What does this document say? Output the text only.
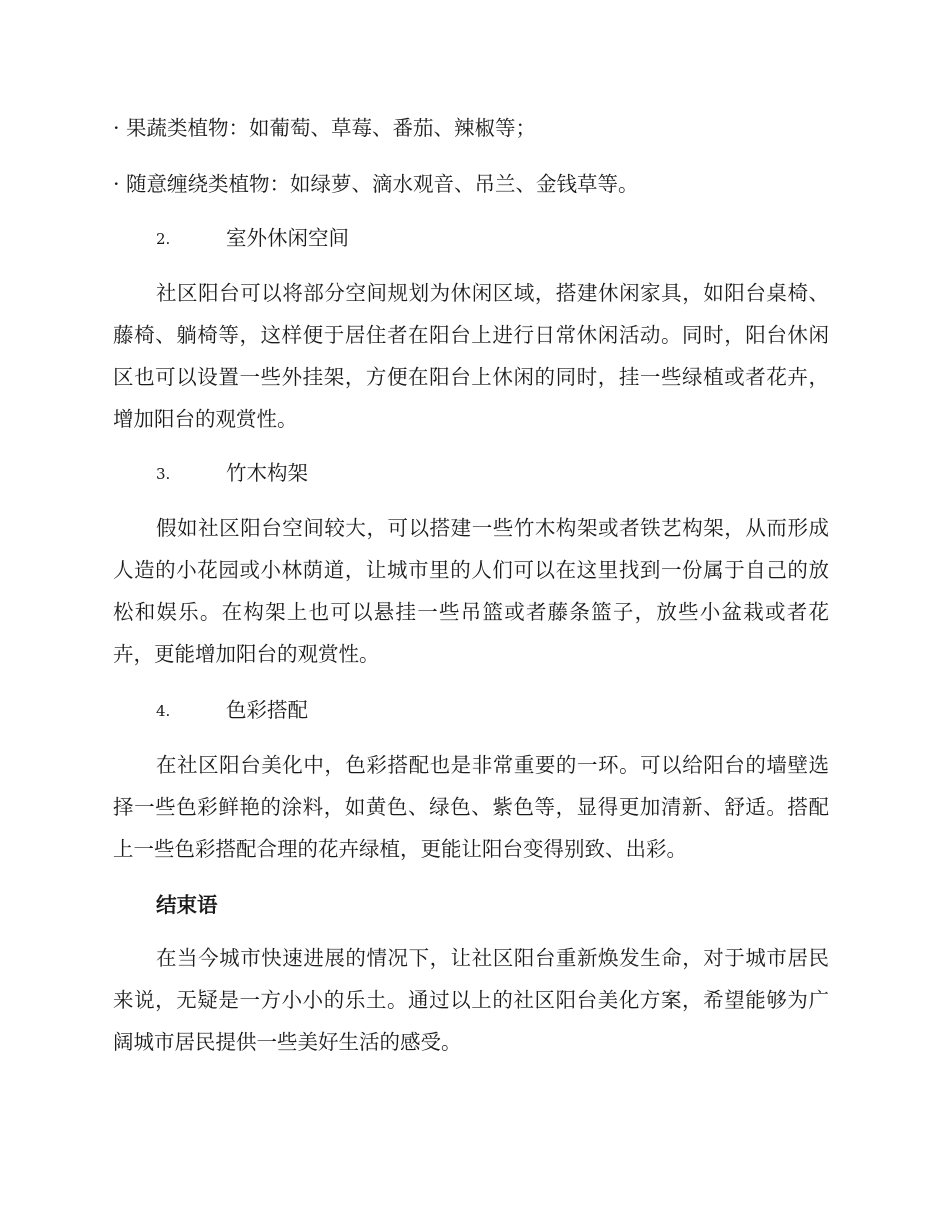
· 果蔬类植物：如葡萄、草莓、番茄、辣椒等；
· 随意缠绕类植物：如绿萝、滴水观音、吊兰、金钱草等。
2.	室外休闲空间
社区阳台可以将部分空间规划为休闲区域，搭建休闲家具，如阳台桌椅、藤椅、躺椅等，这样便于居住者在阳台上进行日常休闲活动。同时，阳台休闲区也可以设置一些外挂架，方便在阳台上休闲的同时，挂一些绿植或者花卉，增加阳台的观赏性。
3.	竹木构架
假如社区阳台空间较大，可以搭建一些竹木构架或者铁艺构架，从而形成人造的小花园或小林荫道，让城市里的人们可以在这里找到一份属于自己的放松和娱乐。在构架上也可以悬挂一些吊篮或者藤条篮子，放些小盆栽或者花卉，更能增加阳台的观赏性。
4.	色彩搭配
在社区阳台美化中，色彩搭配也是非常重要的一环。可以给阳台的墙壁选择一些色彩鲜艳的涂料，如黄色、绿色、紫色等，显得更加清新、舒适。搭配上一些色彩搭配合理的花卉绿植，更能让阳台变得别致、出彩。
结束语
在当今城市快速进展的情况下，让社区阳台重新焕发生命，对于城市居民来说，无疑是一方小小的乐土。通过以上的社区阳台美化方案，希望能够为广阔城市居民提供一些美好生活的感受。
